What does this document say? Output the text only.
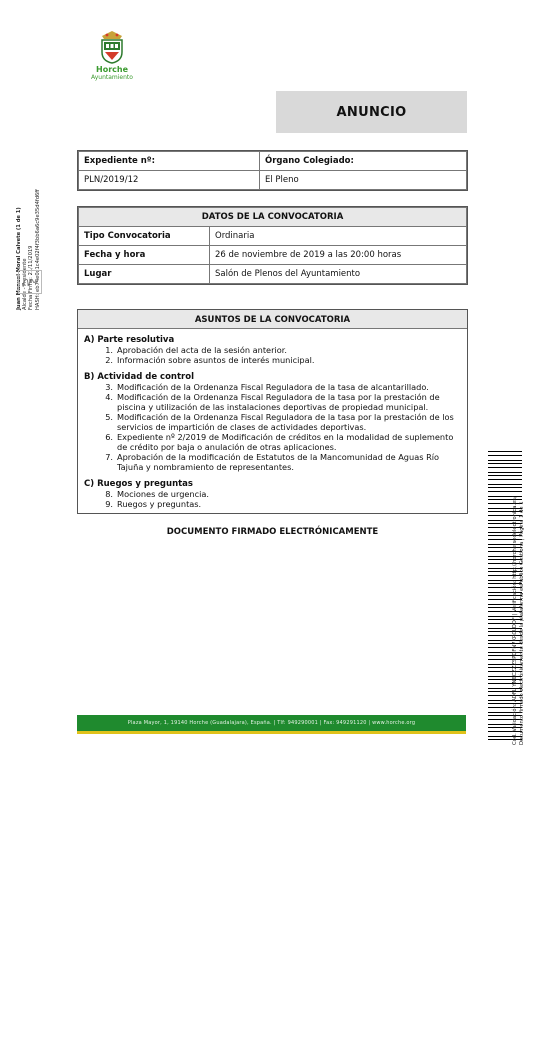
Horche
Ayuntamiento
ANUNCIO
Expediente nº:	Órgano Colegiado:
PLN/2019/12	El Pleno
DATOS DE LA CONVOCATORIA	
Tipo Convocatoria	Ordinaria
Fecha y hora	26 de noviembre de 2019 a las 20:00 horas
Lugar	Salón de Plenos del Ayuntamiento
ASUNTOS DE LA CONVOCATORIA
A) Parte resolutiva
1. Aprobación del acta de la sesión anterior.
2. Información sobre asuntos de interés municipal.
B) Actividad de control
3. Modificación de la Ordenanza Fiscal Reguladora de la tasa de alcantarillado.
4. Modificación de la Ordenanza Fiscal Reguladora de la tasa por la prestación de piscina y utilización de las instalaciones deportivas de propiedad municipal.
5. Modificación de la Ordenanza Fiscal Reguladora de la tasa por la prestación de los servicios de impartición de clases de actividades deportivas.
6. Expediente nº 2/2019 de Modificación de créditos en la modalidad de suplemento de crédito por baja o anulación de otras aplicaciones.
7. Aprobación de la modificación de Estatutos de la Mancomunidad de Aguas Río Tajuña y nombramiento de representantes.
C) Ruegos y preguntas
8. Mociones de urgencia.
9. Ruegos y preguntas.
DOCUMENTO FIRMADO ELECTRÓNICAMENTE
Juan Manuel Moral Calvete (1 de 1) Alcalde - Presidente Fecha Firma: 21/11/2019 HASH: eb74e0c1c4e02f4f3bb6a6c9e35d4fd6ff
Cód. Validación: ADFL YN6CZZZSPQFN7KRCLDDF | Verificación: http://horche.sedelectronica.es/ Documento firmado electrónicamente desde la plataforma esPublico Gestiona | Página 1 de 1
Plaza Mayor, 1, 19140 Horche (Guadalajara), España. | Tlf: 949290001 | Fax: 949291120 | www.horche.org
